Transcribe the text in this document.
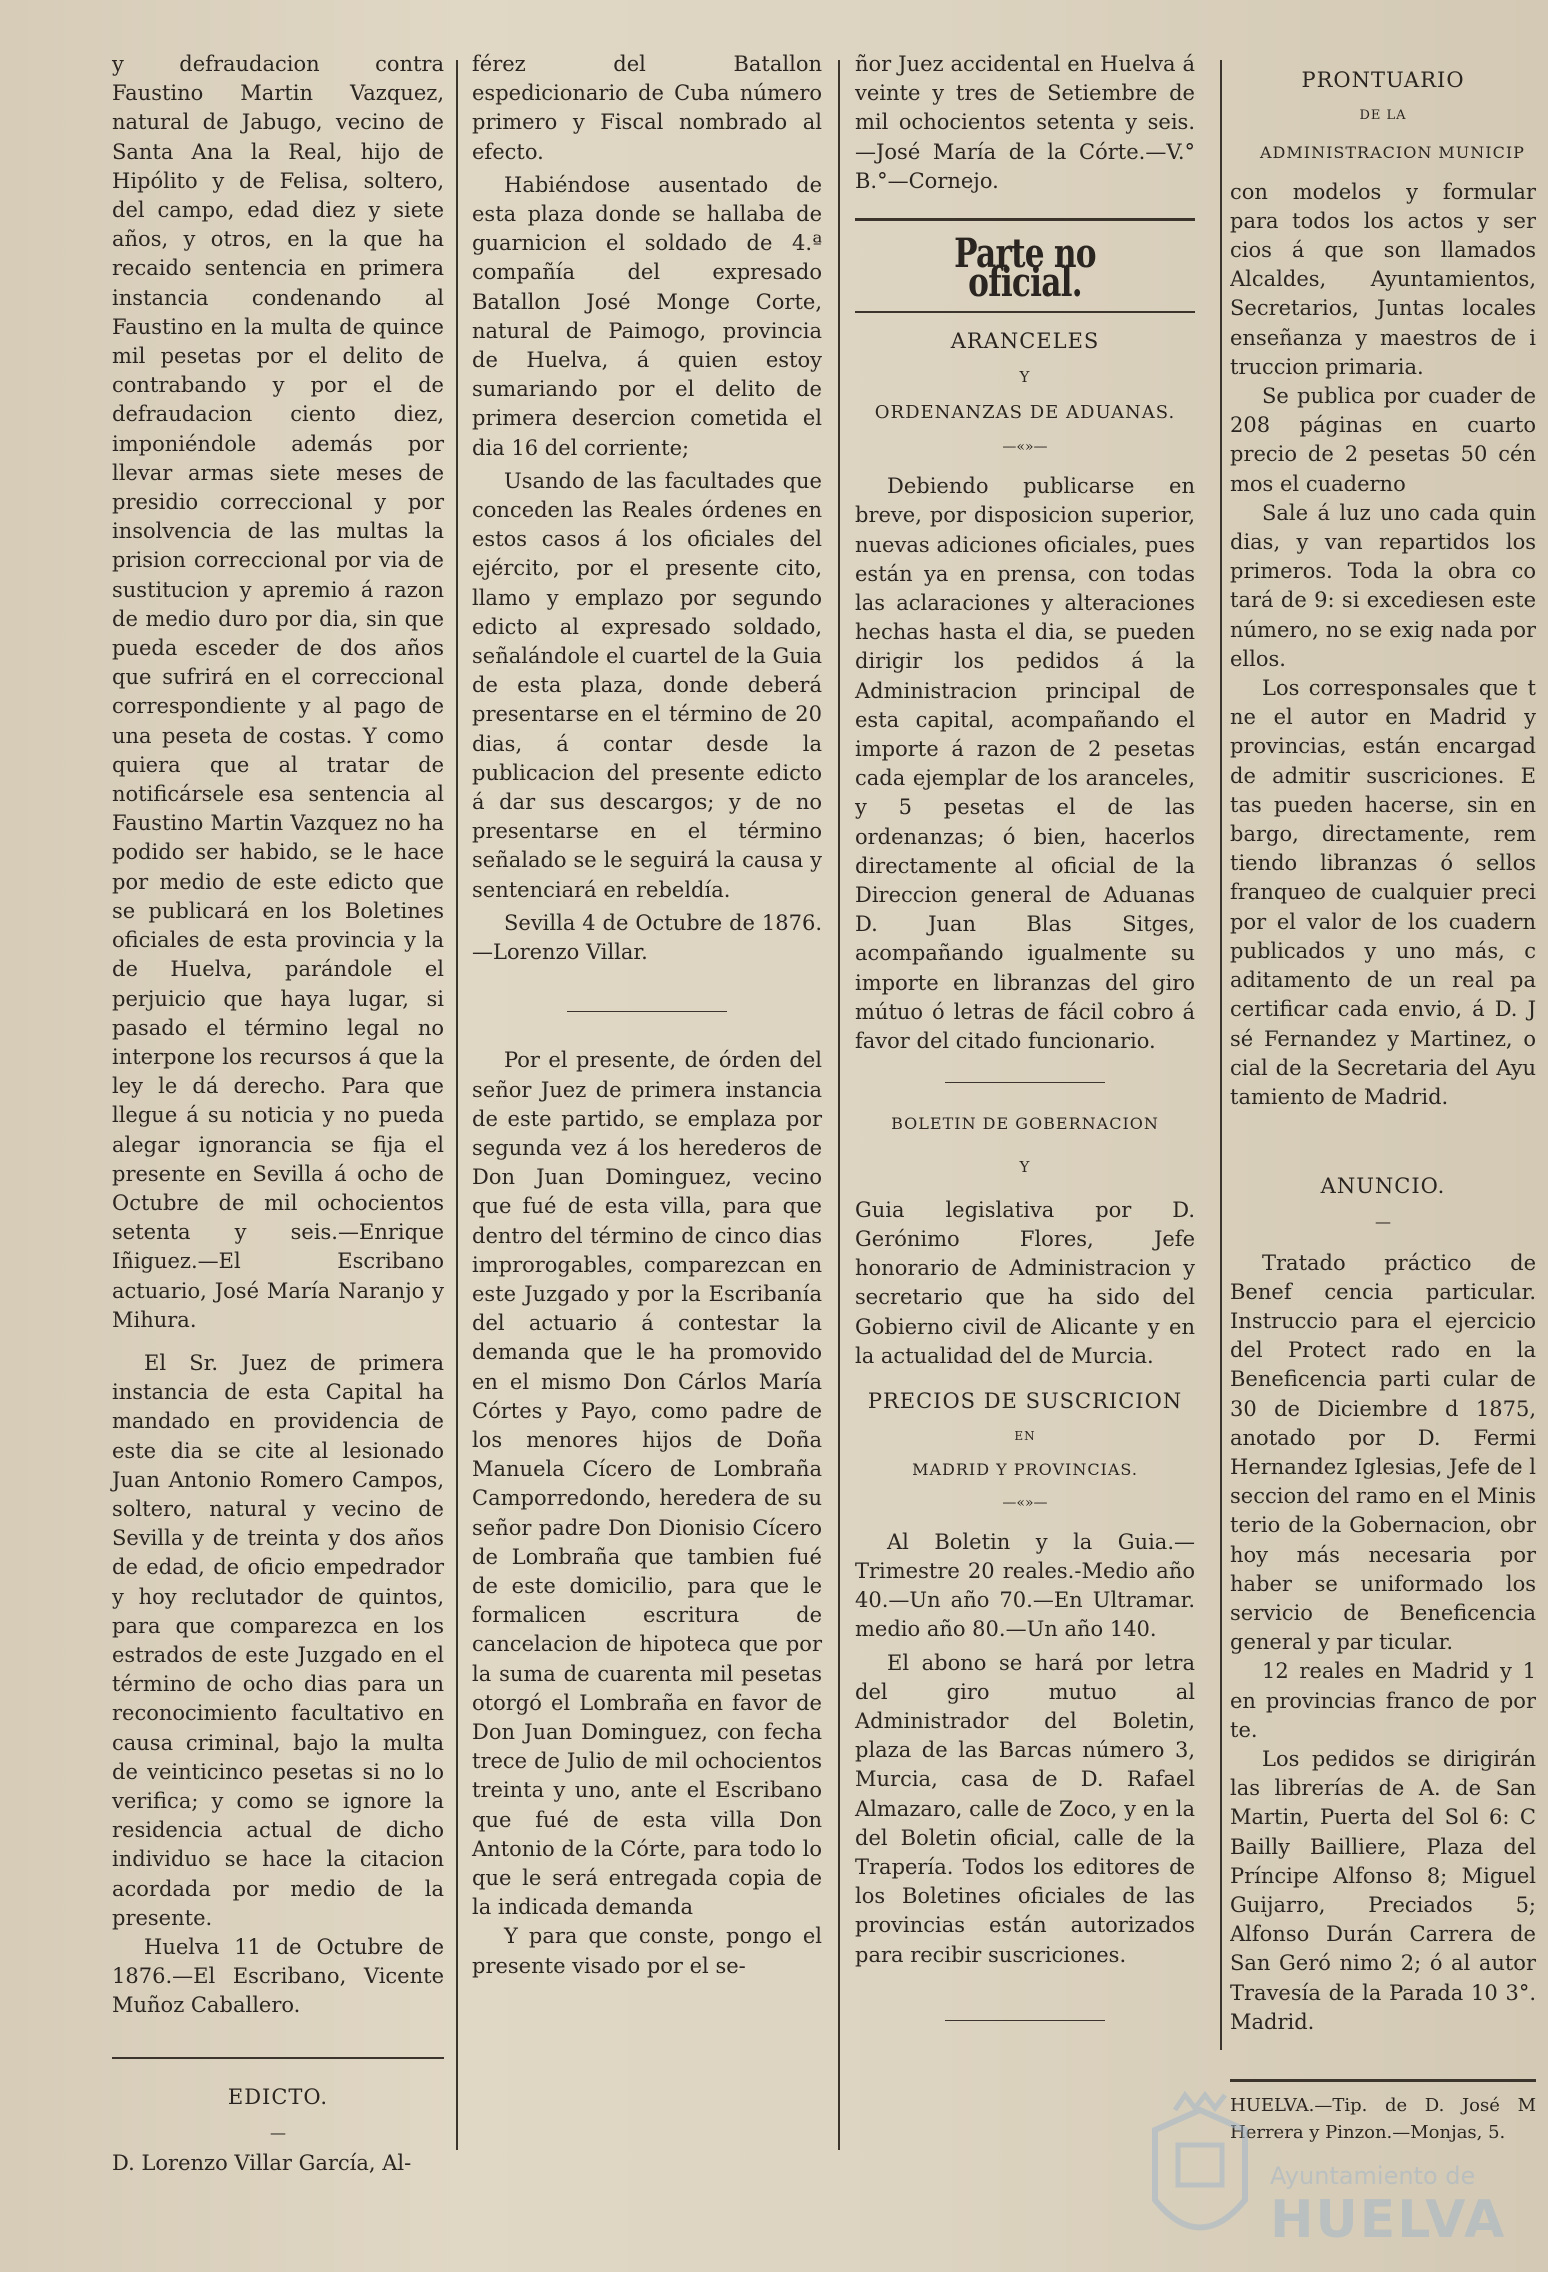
y defraudacion contra Faustino Martin Vazquez, natural de Jabugo, vecino de Santa Ana la Real, hijo de Hipólito y de Felisa, soltero, del campo, edad diez y siete años, y otros, en la que ha recaido sentencia en primera instancia condenando al Faustino en la multa de quince mil pesetas por el delito de contrabando y por el de defraudacion ciento diez, imponiéndole además por llevar armas siete meses de presidio correccional y por insolvencia de las multas la prision correccional por via de sustitucion y apremio á razon de medio duro por dia, sin que pueda esceder de dos años que sufrirá en el correccional correspondiente y al pago de una peseta de costas. Y como quiera que al tratar de notificársele esa sentencia al Faustino Martin Vazquez no ha podido ser habido, se le hace por medio de este edicto que se publicará en los Boletines oficiales de esta provincia y la de Huelva, parándole el perjuicio que haya lugar, si pasado el término legal no interpone los recursos á que la ley le dá derecho. Para que llegue á su noticia y no pueda alegar ignorancia se fija el presente en Sevilla á ocho de Octubre de mil ochocientos setenta y seis.—Enrique Iñiguez.—El Escribano actuario, José María Naranjo y Mihura.

El Sr. Juez de primera instancia de esta Capital ha mandado en providencia de este dia se cite al lesionado Juan Antonio Romero Campos, soltero, natural y vecino de Sevilla y de treinta y dos años de edad, de oficio empedrador y hoy reclutador de quintos, para que comparezca en los estrados de este Juzgado en el término de ocho dias para un reconocimiento facultativo en causa criminal, bajo la multa de veinticinco pesetas si no lo verifica; y como se ignore la residencia actual de dicho individuo se hace la citacion acordada por medio de la presente.

Huelva 11 de Octubre de 1876.—El Escribano, Vicente Muñoz Caballero.

EDICTO.
—

D. Lorenzo Villar García, Al-

férez del Batallon espedicionario de Cuba número primero y Fiscal nombrado al efecto.

Habiéndose ausentado de esta plaza donde se hallaba de guarnicion el soldado de 4.ª compañía del expresado Batallon José Monge Corte, natural de Paimogo, provincia de Huelva, á quien estoy sumariando por el delito de primera desercion cometida el dia 16 del corriente;

Usando de las facultades que conceden las Reales órdenes en estos casos á los oficiales del ejército, por el presente cito, llamo y emplazo por segundo edicto al expresado soldado, señalándole el cuartel de la Guia de esta plaza, donde deberá presentarse en el término de 20 dias, á contar desde la publicacion del presente edicto á dar sus descargos; y de no presentarse en el término señalado se le seguirá la causa y sentenciará en rebeldía.

Sevilla 4 de Octubre de 1876.—Lorenzo Villar.

Por el presente, de órden del señor Juez de primera instancia de este partido, se emplaza por segunda vez á los herederos de Don Juan Dominguez, vecino que fué de esta villa, para que dentro del término de cinco dias improrogables, comparezcan en este Juzgado y por la Escribanía del actuario á contestar la demanda que le ha promovido en el mismo Don Cárlos María Córtes y Payo, como padre de los menores hijos de Doña Manuela Cícero de Lombraña Camporredondo, heredera de su señor padre Don Dionisio Cícero de Lombraña que tambien fué de este domicilio, para que le formalicen escritura de cancelacion de hipoteca que por la suma de cuarenta mil pesetas otorgó el Lombraña en favor de Don Juan Dominguez, con fecha trece de Julio de mil ochocientos treinta y uno, ante el Escribano que fué de esta villa Don Antonio de la Córte, para todo lo que le será entregada copia de la indicada demanda

Y para que conste, pongo el presente visado por el se-

ñor Juez accidental en Huelva á veinte y tres de Setiembre de mil ochocientos setenta y seis.—José María de la Córte.—V.° B.°—Cornejo.

Parte no oficial.
ARANCELES
Y
ORDENANZAS DE ADUANAS.
—«»—

Debiendo publicarse en breve, por disposicion superior, nuevas adiciones oficiales, pues están ya en prensa, con todas las aclaraciones y alteraciones hechas hasta el dia, se pueden dirigir los pedidos á la Administracion principal de esta capital, acompañando el importe á razon de 2 pesetas cada ejemplar de los aranceles, y 5 pesetas el de las ordenanzas; ó bien, hacerlos directamente al oficial de la Direccion general de Aduanas D. Juan Blas Sitges, acompañando igualmente su importe en libranzas del giro mútuo ó letras de fácil cobro á favor del citado funcionario.

BOLETIN DE GOBERNACION
Y

Guia legislativa por D. Gerónimo Flores, Jefe honorario de Administracion y secretario que ha sido del Gobierno civil de Alicante y en la actualidad del de Murcia.

PRECIOS DE SUSCRICION
EN
MADRID Y PROVINCIAS.
—«»—

Al Boletin y la Guia.—Trimestre 20 reales.-Medio año 40.—Un año 70.—En Ultramar. medio año 80.—Un año 140.

El abono se hará por letra del giro mutuo al Administrador del Boletin, plaza de las Barcas número 3, Murcia, casa de D. Rafael Almazaro, calle de Zoco, y en la del Boletin oficial, calle de la Trapería. Todos los editores de los Boletines oficiales de las provincias están autorizados para recibir suscriciones.

PRONTUARIO
DE LA
ADMINISTRACION MUNICIP

con modelos y formular para todos los actos y ser cios á que son llamados Alcaldes, Ayuntamientos, Secretarios, Juntas locales enseñanza y maestros de i truccion primaria.

Se publica por cuader de 208 páginas en cuarto precio de 2 pesetas 50 cén mos el cuaderno

Sale á luz uno cada quin dias, y van repartidos los primeros. Toda la obra co tará de 9: si excediesen este número, no se exig nada por ellos.

Los corresponsales que t ne el autor en Madrid y provincias, están encargad de admitir suscriciones. E tas pueden hacerse, sin en bargo, directamente, rem tiendo libranzas ó sellos franqueo de cualquier preci por el valor de los cuadern publicados y uno más, c aditamento de un real pa certificar cada envio, á D. J sé Fernandez y Martinez, o cial de la Secretaria del Ayu tamiento de Madrid.

ANUNCIO.
—

Tratado práctico de Benef cencia particular. Instruccio para el ejercicio del Protect rado en la Beneficencia parti cular de 30 de Diciembre d 1875, anotado por D. Fermi Hernandez Iglesias, Jefe de l seccion del ramo en el Minis terio de la Gobernacion, obr hoy más necesaria por haber se uniformado los servicio de Beneficencia general y par ticular.

12 reales en Madrid y 1 en provincias franco de por te.

Los pedidos se dirigirán las librerías de A. de San Martin, Puerta del Sol 6: C Bailly Bailliere, Plaza del Príncipe Alfonso 8; Miguel Guijarro, Preciados 5; Alfonso Durán Carrera de San Geró nimo 2; ó al autor Travesía de la Parada 10 3°. Madrid.

HUELVA.—Tip. de D. José M Herrera y Pinzon.—Monjas, 5.

Ayuntamiento de
HUELVA
